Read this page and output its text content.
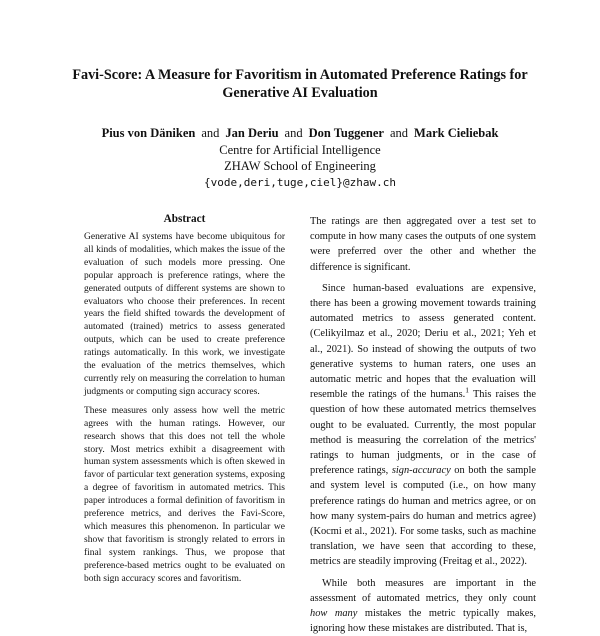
Favi-Score: A Measure for Favoritism in Automated Preference Ratings for Generative AI Evaluation
Pius von Däniken and Jan Deriu and Don Tuggener and Mark Cieliebak
Centre for Artificial Intelligence
ZHAW School of Engineering
{vode,deri,tuge,ciel}@zhaw.ch
Abstract

Generative AI systems have become ubiquitous for all kinds of modalities, which makes the issue of the evaluation of such models more pressing. One popular approach is preference ratings, where the generated outputs of different systems are shown to evaluators who choose their preferences. In recent years the field shifted towards the development of automated (trained) metrics to assess generated outputs, which can be used to create preference ratings automatically. In this work, we investigate the evaluation of the metrics themselves, which currently rely on measuring the correlation to human judgments or computing sign accuracy scores.

These measures only assess how well the metric agrees with the human ratings. However, our research shows that this does not tell the whole story. Most metrics exhibit a disagreement with human system assessments which is often skewed in favor of particular text generation systems, exposing a degree of favoritism in automated metrics. This paper introduces a formal definition of favoritism in preference metrics, and derives the Favi-Score, which measures this phenomenon. In particular we show that favoritism is strongly related to errors in final system rankings. Thus, we propose that preference-based metrics ought to be evaluated on both sign accuracy scores and favoritism.

The ratings are then aggregated over a test set to compute in how many cases the outputs of one system were preferred over the other and whether the difference is significant.

Since human-based evaluations are expensive, there has been a growing movement towards training automated metrics to assess generated content. (Celikyilmaz et al., 2020; Deriu et al., 2021; Yeh et al., 2021). So instead of showing the outputs of two generative systems to human raters, one uses an automatic metric and hopes that the evaluation will resemble the ratings of the humans.$^1$ This raises the question of how these automated metrics themselves ought to be evaluated. Currently, the most popular method is measuring the correlation of the metrics' ratings to human judgments, or in the case of preference ratings, sign-accuracy on both the sample and system level is computed (i.e., on how many preference ratings do human and metrics agree, or on how many system-pairs do human and metrics agree) (Kocmi et al., 2021). For some tasks, such as machine translation, we have seen that according to these, metrics are steadily improving (Freitag et al., 2022).

While both measures are important in the assessment of automated metrics, they only count how many mistakes the metric typically makes, ignoring how these mistakes are distributed. That is,
